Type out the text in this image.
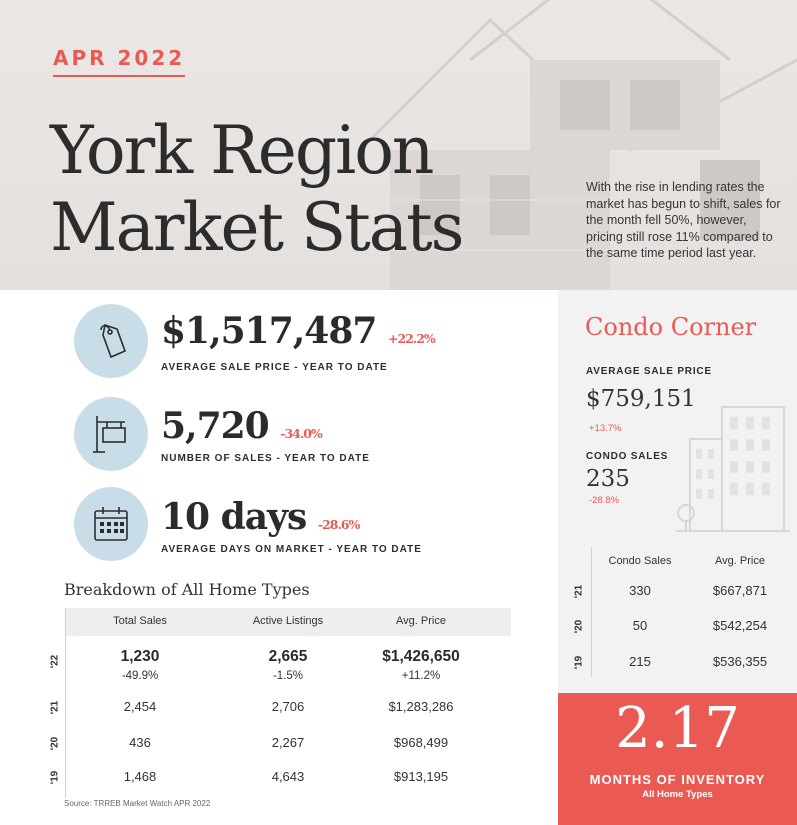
APR 2022
York Region
Market Stats
With the rise in lending rates the market has begun to shift, sales for the month fell 50%, however, pricing still rose 11% compared to the same time period last year.
$1,517,487 +22.2%
AVERAGE SALE PRICE - YEAR TO DATE
5,720 -34.0%
NUMBER OF SALES - YEAR TO DATE
10 days -28.6%
AVERAGE DAYS ON MARKET - YEAR TO DATE
Breakdown of All Home Types
Total Sales	Active Listings	Avg. Price
'22	1,230	2,665	$1,426,650
-49.9%	-1.5%	+11.2%
'21	2,454	2,706	$1,283,286
'20	436	2,267	$968,499
'19	1,468	4,643	$913,195
Source: TRREB Market Watch APR 2022
Condo Corner
AVERAGE SALE PRICE
$759,151
+13.7%
CONDO SALES
235
-28.8%
Condo Sales	Avg. Price
'21	330	$667,871
'20	50	$542,254
'19	215	$536,355
2.17
MONTHS OF INVENTORY
All Home Types
